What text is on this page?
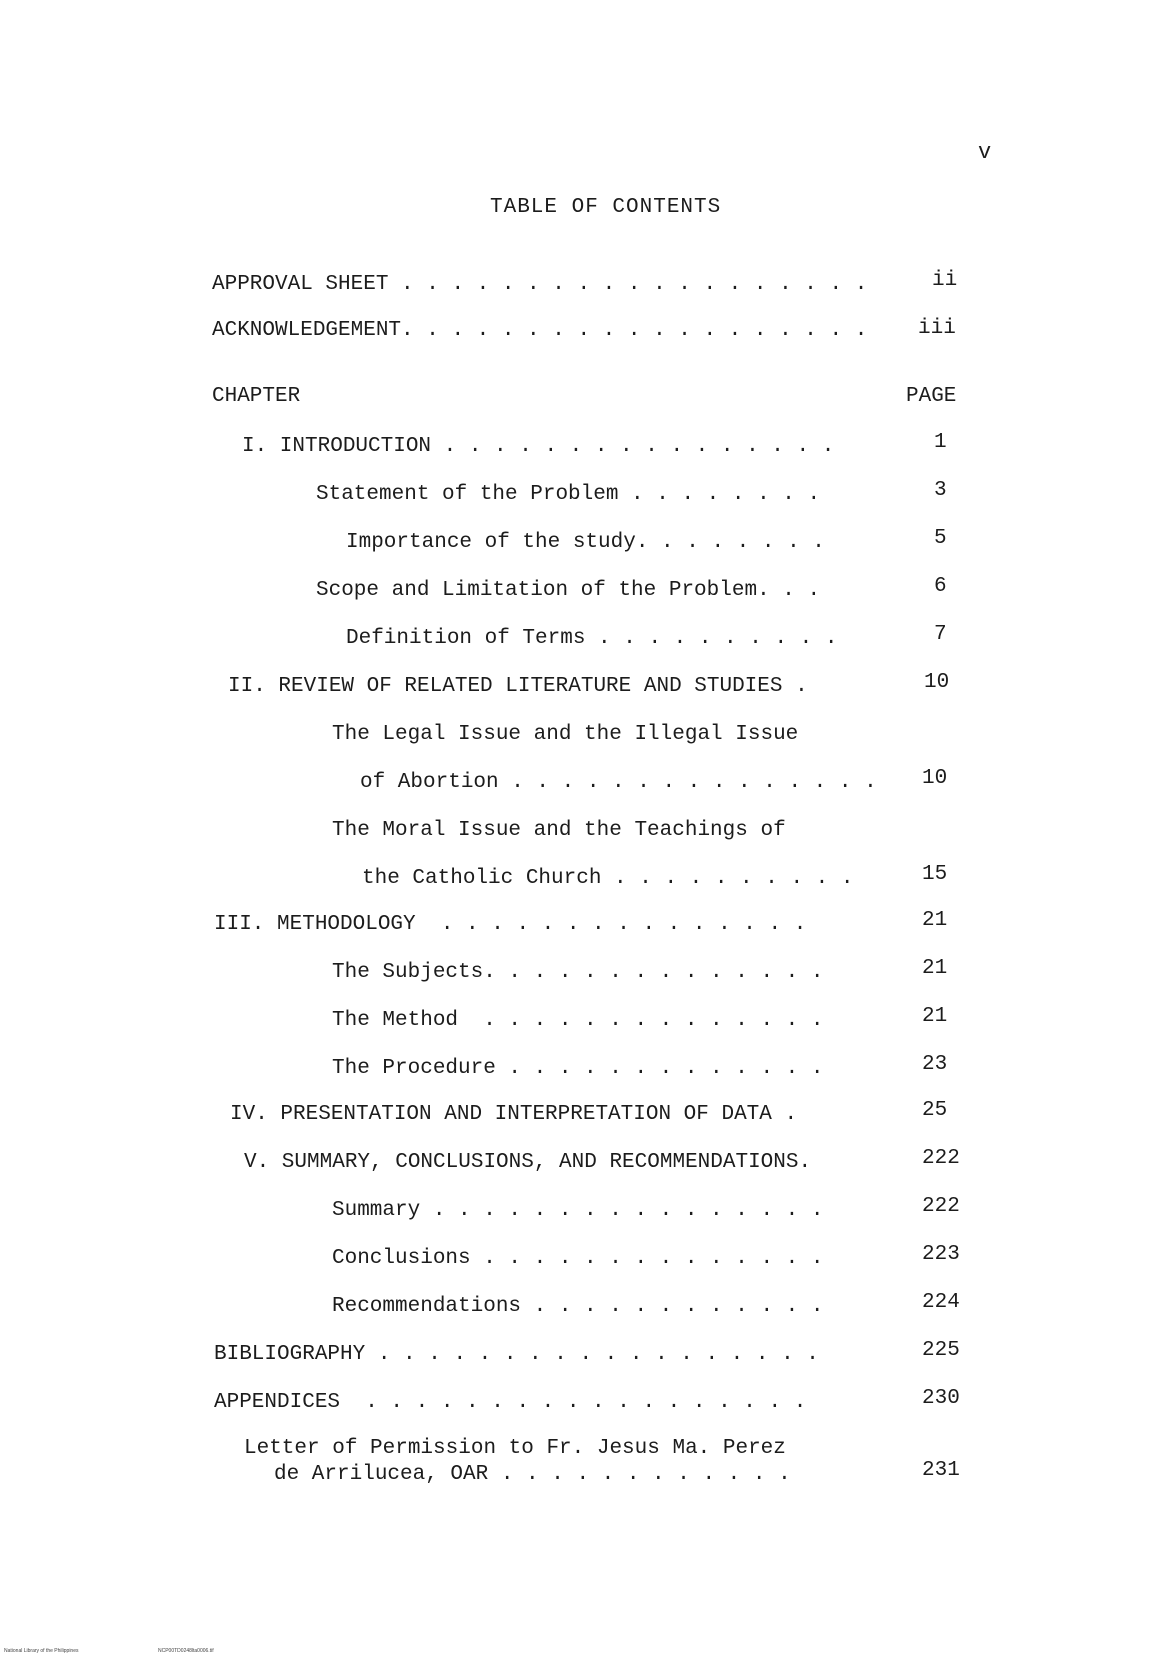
v
TABLE OF CONTENTS
CHAPTER	PAGE
APPROVAL SHEET . . . . . . . . . . . . . . . . . . .	ii
ACKNOWLEDGEMENT. . . . . . . . . . . . . . . . . . . iii
I. INTRODUCTION . . . . . . . . . . . . . . . .	1
Statement of the Problem . . . . . . . .	3
Importance of the study. . . . . . . .	5
Scope and Limitation of the Problem. . .	6
Definition of Terms . . . . . . . . . .	7
II. REVIEW OF RELATED LITERATURE AND STUDIES .	10
The Legal Issue and the Illegal Issue
of Abortion . . . . . . . . . . . . . . . 10
The Moral Issue and the Teachings of
the Catholic Church . . . . . . . . . .	15
III. METHODOLOGY  . . . . . . . . . . . . . . .	21
The Subjects. . . . . . . . . . . . . .	21
The Method  . . . . . . . . . . . . . .	21
The Procedure . . . . . . . . . . . . .	23
IV. PRESENTATION AND INTERPRETATION OF DATA .	25
V. SUMMARY, CONCLUSIONS, AND RECOMMENDATIONS.	222
Summary . . . . . . . . . . . . . . . .	222
Conclusions . . . . . . . . . . . . . .	223
Recommendations . . . . . . . . . . . .	224
BIBLIOGRAPHY . . . . . . . . . . . . . . . . . .	225
APPENDICES  . . . . . . . . . . . . . . . . . .	230
Letter of Permission to Fr. Jesus Ma. Perez
de Arrilucea, OAR . . . . . . . . . . . .	231
National Library of the Philippines	NCP00TD0248lta0006.tif
